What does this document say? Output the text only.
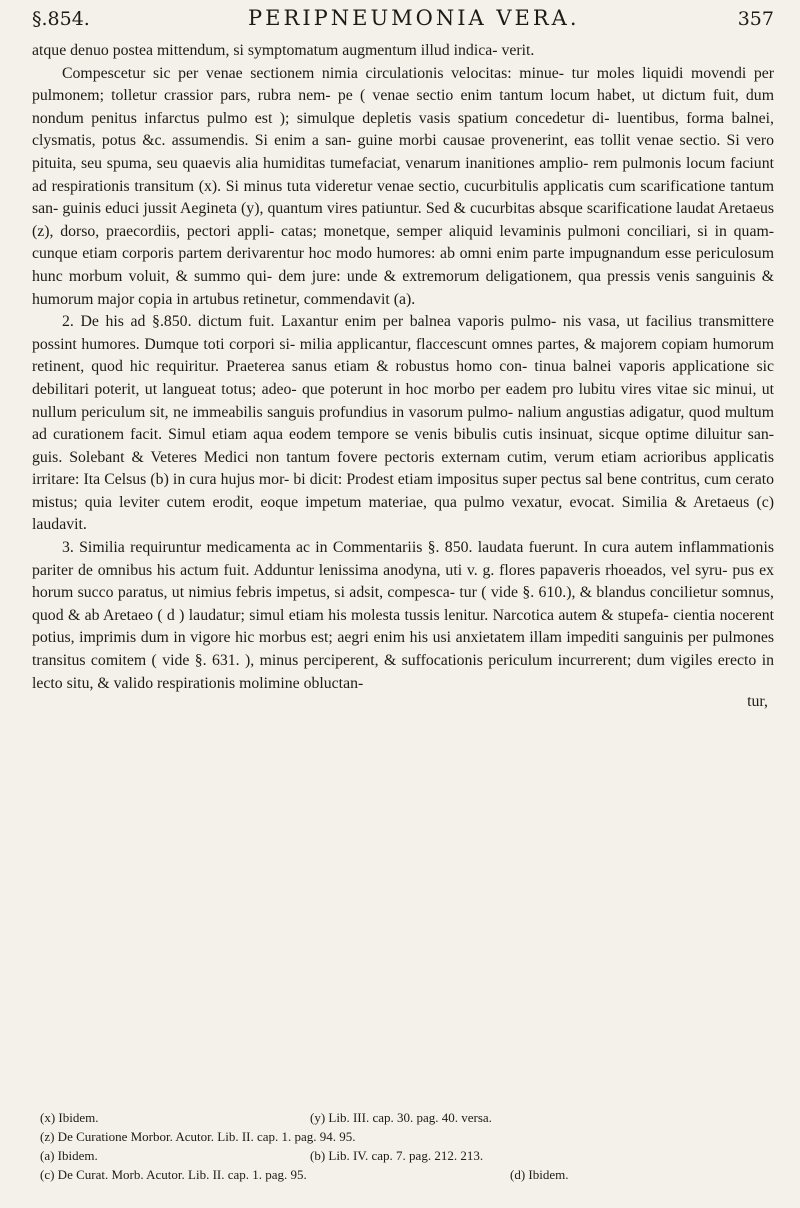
§.854.	PERIPNEUMONIA VERA.	357

atque denuo postea mittendum, si symptomatum augmentum illud indica- verit.

Compescetur sic per venae sectionem nimia circulationis velocitas: minue- tur moles liquidi movendi per pulmonem; tolletur crassior pars, rubra nem- pe ( venae sectio enim tantum locum habet, ut dictum fuit, dum nondum penitus infarctus pulmo est ); simulque depletis vasis spatium concedetur di- luentibus, forma balnei, clysmatis, potus &c. assumendis. Si enim a san- guine morbi causae provenerint, eas tollit venae sectio. Si vero pituita, seu spuma, seu quaevis alia humiditas tumefaciat, venarum inanitiones amplio- rem pulmonis locum faciunt ad respirationis transitum (x). Si minus tuta videretur venae sectio, cucurbitulis applicatis cum scarificatione tantum san- guinis educi jussit Aegineta (y), quantum vires patiuntur. Sed & cucurbitas absque scarificatione laudat Aretaeus (z), dorso, praecordiis, pectori appli- catas; monetque, semper aliquid levaminis pulmoni conciliari, si in quam- cunque etiam corporis partem derivarentur hoc modo humores: ab omni enim parte impugnandum esse periculosum hunc morbum voluit, & summo qui- dem jure: unde & extremorum deligationem, qua pressis venis sanguinis & humorum major copia in artubus retinetur, commendavit (a).

2. De his ad §.850. dictum fuit. Laxantur enim per balnea vaporis pulmo- nis vasa, ut facilius transmittere possint humores. Dumque toti corpori si- milia applicantur, flaccescunt omnes partes, & majorem copiam humorum retinent, quod hic requiritur. Praeterea sanus etiam & robustus homo con- tinua balnei vaporis applicatione sic debilitari poterit, ut langueat totus; adeo- que poterunt in hoc morbo per eadem pro lubitu vires vitae sic minui, ut nullum periculum sit, ne immeabilis sanguis profundius in vasorum pulmo- nalium angustias adigatur, quod multum ad curationem facit. Simul etiam aqua eodem tempore se venis bibulis cutis insinuat, sicque optime diluitur san- guis. Solebant & Veteres Medici non tantum fovere pectoris externam cutim, verum etiam acrioribus applicatis irritare: Ita Celsus (b) in cura hujus mor- bi dicit: Prodest etiam impositus super pectus sal bene contritus, cum cerato mistus; quia leviter cutem erodit, eoque impetum materiae, qua pulmo vexatur, evocat. Similia & Aretaeus (c) laudavit.

3. Similia requiruntur medicamenta ac in Commentariis §. 850. laudata fuerunt. In cura autem inflammationis pariter de omnibus his actum fuit. Adduntur lenissima anodyna, uti v. g. flores papaveris rhoeados, vel syru- pus ex horum succo paratus, ut nimius febris impetus, si adsit, compesca- tur ( vide §. 610.), & blandus concilietur somnus, quod & ab Aretaeo ( d ) laudatur; simul etiam his molesta tussis lenitur. Narcotica autem & stupefa- cientia nocerent potius, imprimis dum in vigore hic morbus est; aegri enim his usi anxietatem illam impediti sanguinis per pulmones transitus comitem ( vide §. 631. ), minus perciperent, & suffocationis periculum incurrerent; dum vigiles erecto in lecto situ, & valido respirationis molimine obluctan-

tur,
(x) Ibidem.	(y) Lib. III. cap. 30. pag. 40. versa.
(z) De Curatione Morbor. Acutor. Lib. II. cap. 1. pag. 94. 95.
(a) Ibidem.	(b) Lib. IV. cap. 7. pag. 212. 213.
(c) De Curat. Morb. Acutor. Lib. II. cap. 1. pag. 95.	(d) Ibidem.
